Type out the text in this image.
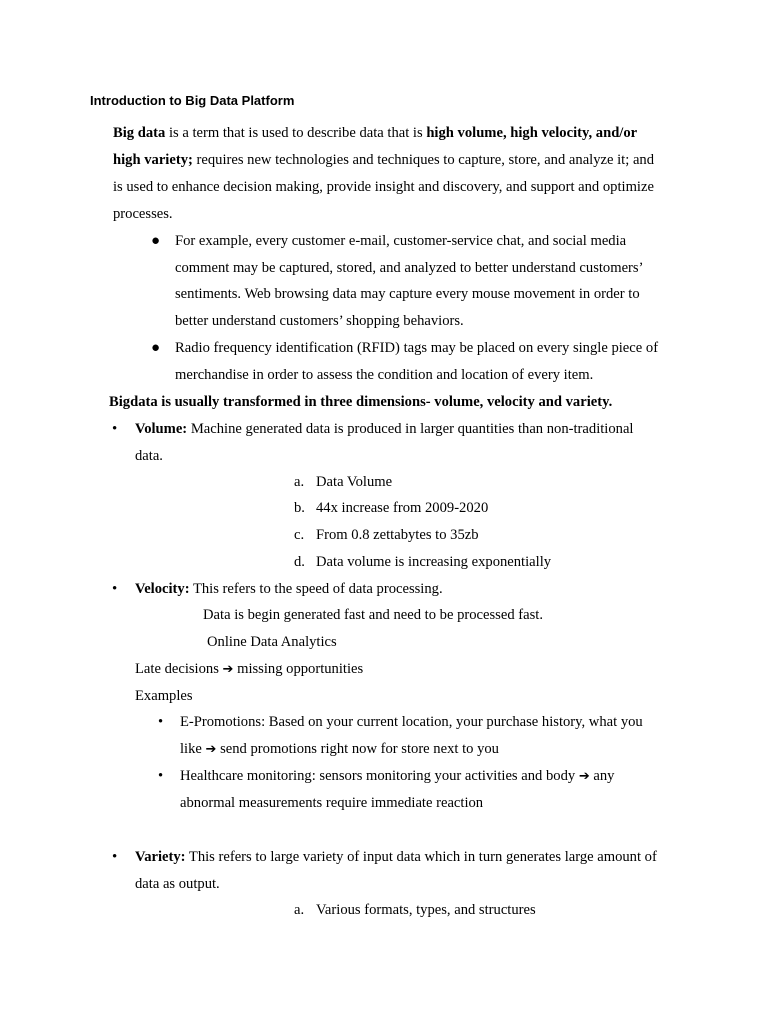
Introduction to Big Data Platform
Big data is a term that is used to describe data that is high volume, high velocity, and/or
high variety; requires new technologies and techniques to capture, store, and analyze it; and
is used to enhance decision making, provide insight and discovery, and support and optimize
processes.
● For example, every customer e-mail, customer-service chat, and social media
comment may be captured, stored, and analyzed to better understand customers’
sentiments. Web browsing data may capture every mouse movement in order to
better understand customers’ shopping behaviors.
● Radio frequency identification (RFID) tags may be placed on every single piece of
merchandise in order to assess the condition and location of every item.
Bigdata is usually transformed in three dimensions- volume, velocity and variety.
• Volume: Machine generated data is produced in larger quantities than non-traditional
data.
a. Data Volume
b. 44x increase from 2009-2020
c. From 0.8 zettabytes to 35zb
d. Data volume is increasing exponentially
• Velocity: This refers to the speed of data processing.
Data is begin generated fast and need to be processed fast.
Online Data Analytics
Late decisions ➔ missing opportunities
Examples
• E-Promotions: Based on your current location, your purchase history, what you
like ➔ send promotions right now for store next to you
• Healthcare monitoring: sensors monitoring your activities and body ➔ any
abnormal measurements require immediate reaction
• Variety: This refers to large variety of input data which in turn generates large amount of
data as output.
a. Various formats, types, and structures
